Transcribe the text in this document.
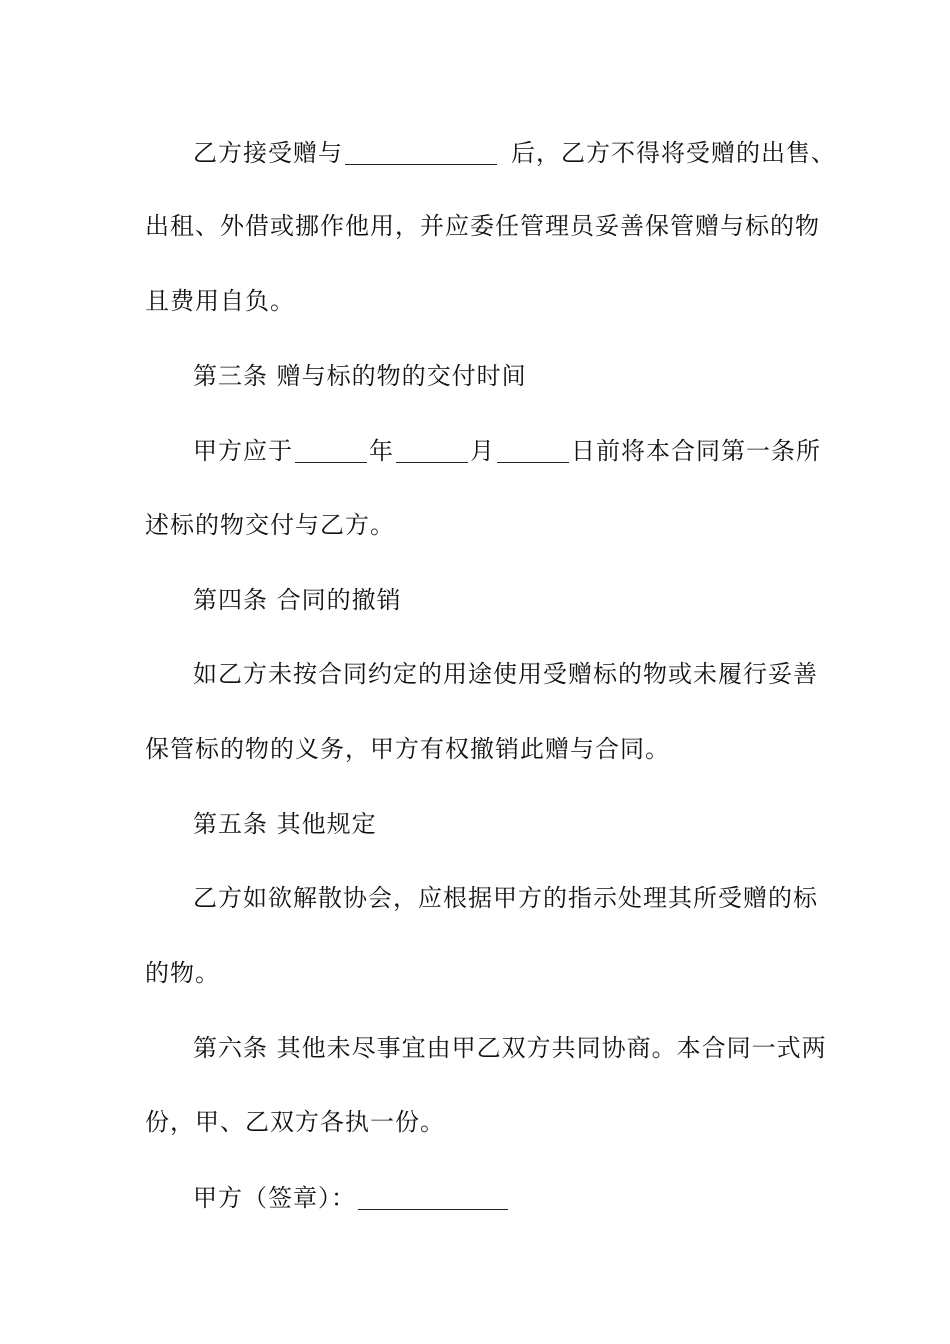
乙方接受赠与	后，乙方不得将受赠的出售、
出租、外借或挪作他用，并应委任管理员妥善保管赠与标的物
且费用自负。
第三条 赠与标的物的交付时间
甲方应于	年	月	日前将本合同第一条所
述标的物交付与乙方。
第四条 合同的撤销
如乙方未按合同约定的用途使用受赠标的物或未履行妥善
保管标的物的义务，甲方有权撤销此赠与合同。
第五条 其他规定
乙方如欲解散协会，应根据甲方的指示处理其所受赠的标
的物。
第六条 其他未尽事宜由甲乙双方共同协商。本合同一式两
份，甲、乙双方各执一份。
甲方（签章）：
